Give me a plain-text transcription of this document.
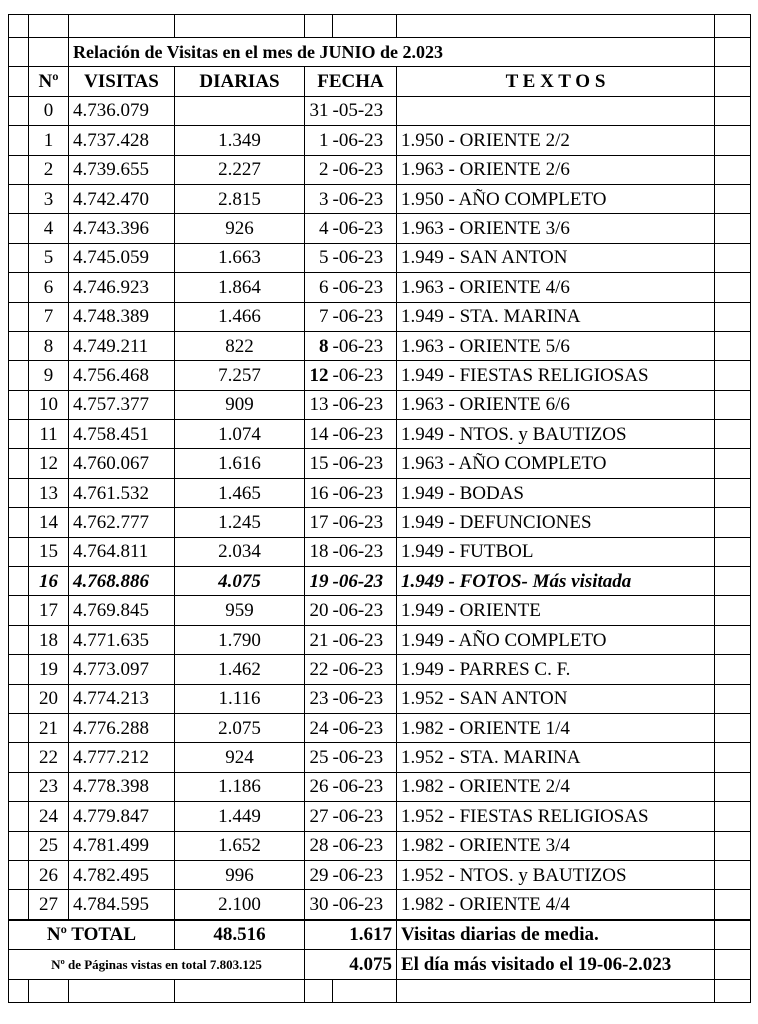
		Relación de Visitas en el mes de JUNIO de 2.023					
	Nº	VISITAS	DIARIAS	FECHA		T E X T O S	
	0	4.736.079		31	-05-23		
	1	4.737.428	1.349	1	-06-23	1.950 - ORIENTE 2/2	
	2	4.739.655	2.227	2	-06-23	1.963 - ORIENTE 2/6	
	3	4.742.470	2.815	3	-06-23	1.950 - AÑO COMPLETO	
	4	4.743.396	926	4	-06-23	1.963 - ORIENTE 3/6	
	5	4.745.059	1.663	5	-06-23	1.949 - SAN ANTON	
	6	4.746.923	1.864	6	-06-23	1.963 - ORIENTE 4/6	
	7	4.748.389	1.466	7	-06-23	1.949 - STA. MARINA	
	8	4.749.211	822	8	-06-23	1.963 - ORIENTE 5/6	
	9	4.756.468	7.257	12	-06-23	1.949 - FIESTAS RELIGIOSAS	
	10	4.757.377	909	13	-06-23	1.963 - ORIENTE 6/6	
	11	4.758.451	1.074	14	-06-23	1.949 - NTOS. y BAUTIZOS	
	12	4.760.067	1.616	15	-06-23	1.963 - AÑO COMPLETO	
	13	4.761.532	1.465	16	-06-23	1.949 - BODAS	
	14	4.762.777	1.245	17	-06-23	1.949 - DEFUNCIONES	
	15	4.764.811	2.034	18	-06-23	1.949 - FUTBOL	
	16	4.768.886	4.075	19	-06-23	1.949 - FOTOS- Más visitada	
	17	4.769.845	959	20	-06-23	1.949 - ORIENTE	
	18	4.771.635	1.790	21	-06-23	1.949 - AÑO COMPLETO	
	19	4.773.097	1.462	22	-06-23	1.949 - PARRES C. F.	
	20	4.774.213	1.116	23	-06-23	1.952 - SAN ANTON	
	21	4.776.288	2.075	24	-06-23	1.982 - ORIENTE 1/4	
	22	4.777.212	924	25	-06-23	1.952 - STA. MARINA	
	23	4.778.398	1.186	26	-06-23	1.982 - ORIENTE 2/4	
	24	4.779.847	1.449	27	-06-23	1.952 - FIESTAS RELIGIOSAS	
	25	4.781.499	1.652	28	-06-23	1.982 - ORIENTE 3/4	
	26	4.782.495	996	29	-06-23	1.952 - NTOS. y BAUTIZOS	
	27	4.784.595	2.100	30	-06-23	1.982 - ORIENTE 4/4	
Nº TOTAL			48.516	1.617		Visitas diarias de media.	
Nº de Páginas vistas en total 7.803.125				4.075		El día más visitado el 19-06-2.023	
